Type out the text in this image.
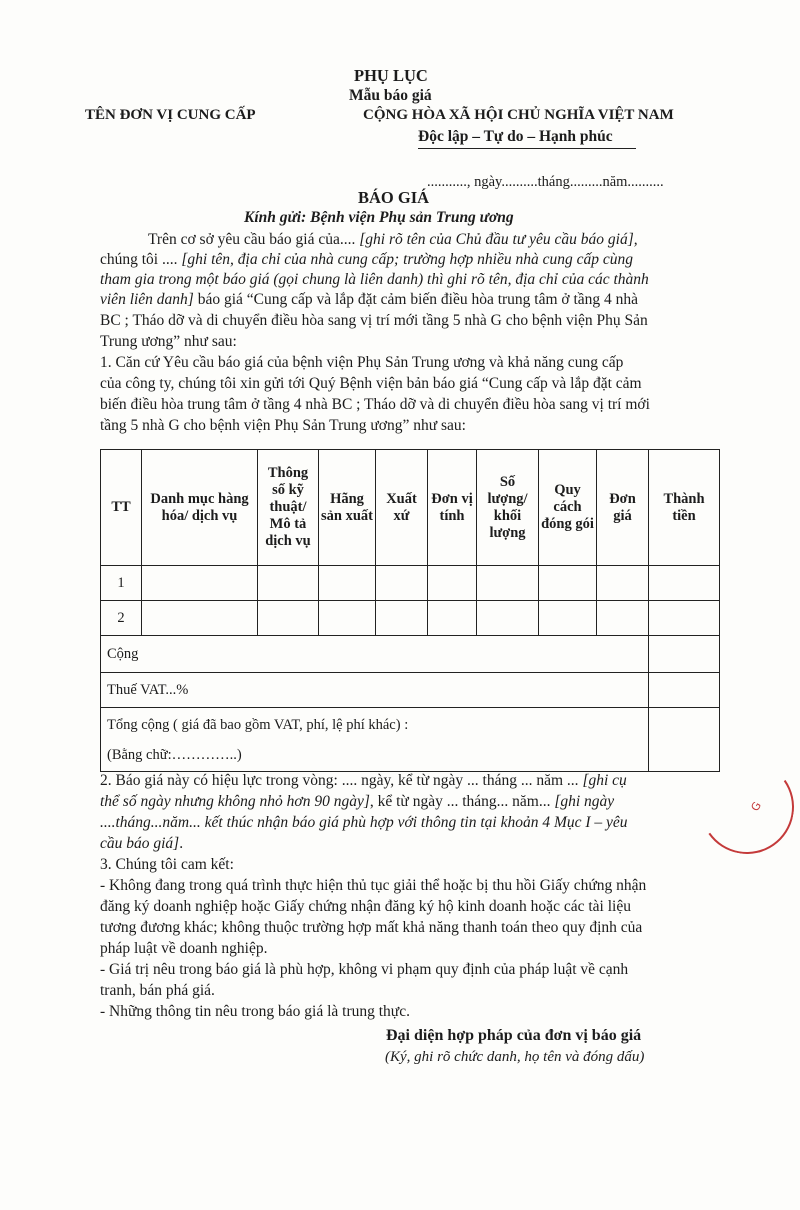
PHỤ LỤC
Mẫu báo giá
TÊN ĐƠN VỊ CUNG CẤP	CỘNG HÒA XÃ HỘI CHỦ NGHĨA VIỆT NAM
Độc lập – Tự do – Hạnh phúc
..........., ngày..........tháng.........năm..........
BÁO GIÁ
Kính gửi: Bệnh viện Phụ sản Trung ương
Trên cơ sở yêu cầu báo giá của.... [ghi rõ tên của Chủ đầu tư yêu cầu báo giá],
chúng tôi .... [ghi tên, địa chỉ của nhà cung cấp; trường hợp nhiều nhà cung cấp cùng
tham gia trong một báo giá (gọi chung là liên danh) thì ghi rõ tên, địa chỉ của các thành
viên liên danh] báo giá “Cung cấp và lắp đặt cảm biến điều hòa trung tâm ở tầng 4 nhà
BC ; Tháo dỡ và di chuyển điều hòa sang vị trí mới tầng 5 nhà G cho bệnh viện Phụ Sản
Trung ương” như sau:
1. Căn cứ Yêu cầu báo giá của bệnh viện Phụ Sản Trung ương và khả năng cung cấp
của công ty, chúng tôi xin gửi tới Quý Bệnh viện bản báo giá “Cung cấp và lắp đặt cảm
biến điều hòa trung tâm ở tầng 4 nhà BC ; Tháo dỡ và di chuyển điều hòa sang vị trí mới
tầng 5 nhà G cho bệnh viện Phụ Sản Trung ương” như sau:
TT	Danh mục hàng hóa/ dịch vụ	Thông số kỹ thuật/ Mô tả dịch vụ	Hãng sản xuất	Xuất xứ	Đơn vị tính	Số lượng/ khối lượng	Quy cách đóng gói	Đơn giá	Thành tiền
1									
2									
Cộng									
Thuế VAT...%									

Tổng cộng ( giá đã bao gồm VAT, phí, lệ phí khác) :
(Bằng chữ:…………..)									

2. Báo giá này có hiệu lực trong vòng: .... ngày, kể từ ngày ... tháng ... năm ... [ghi cụ
thể số ngày nhưng không nhỏ hơn 90 ngày], kể từ ngày ... tháng... năm... [ghi ngày
....tháng...năm... kết thúc nhận báo giá phù hợp với thông tin tại khoản 4 Mục I – yêu
cầu báo giá].
3. Chúng tôi cam kết:
- Không đang trong quá trình thực hiện thủ tục giải thể hoặc bị thu hồi Giấy chứng nhận
đăng ký doanh nghiệp hoặc Giấy chứng nhận đăng ký hộ kinh doanh hoặc các tài liệu
tương đương khác; không thuộc trường hợp mất khả năng thanh toán theo quy định của
pháp luật về doanh nghiệp.
- Giá trị nêu trong báo giá là phù hợp, không vi phạm quy định của pháp luật về cạnh
tranh, bán phá giá.
- Những thông tin nêu trong báo giá là trung thực.
Đại diện hợp pháp của đơn vị báo giá
(Ký, ghi rõ chức danh, họ tên và đóng dấu)
G
